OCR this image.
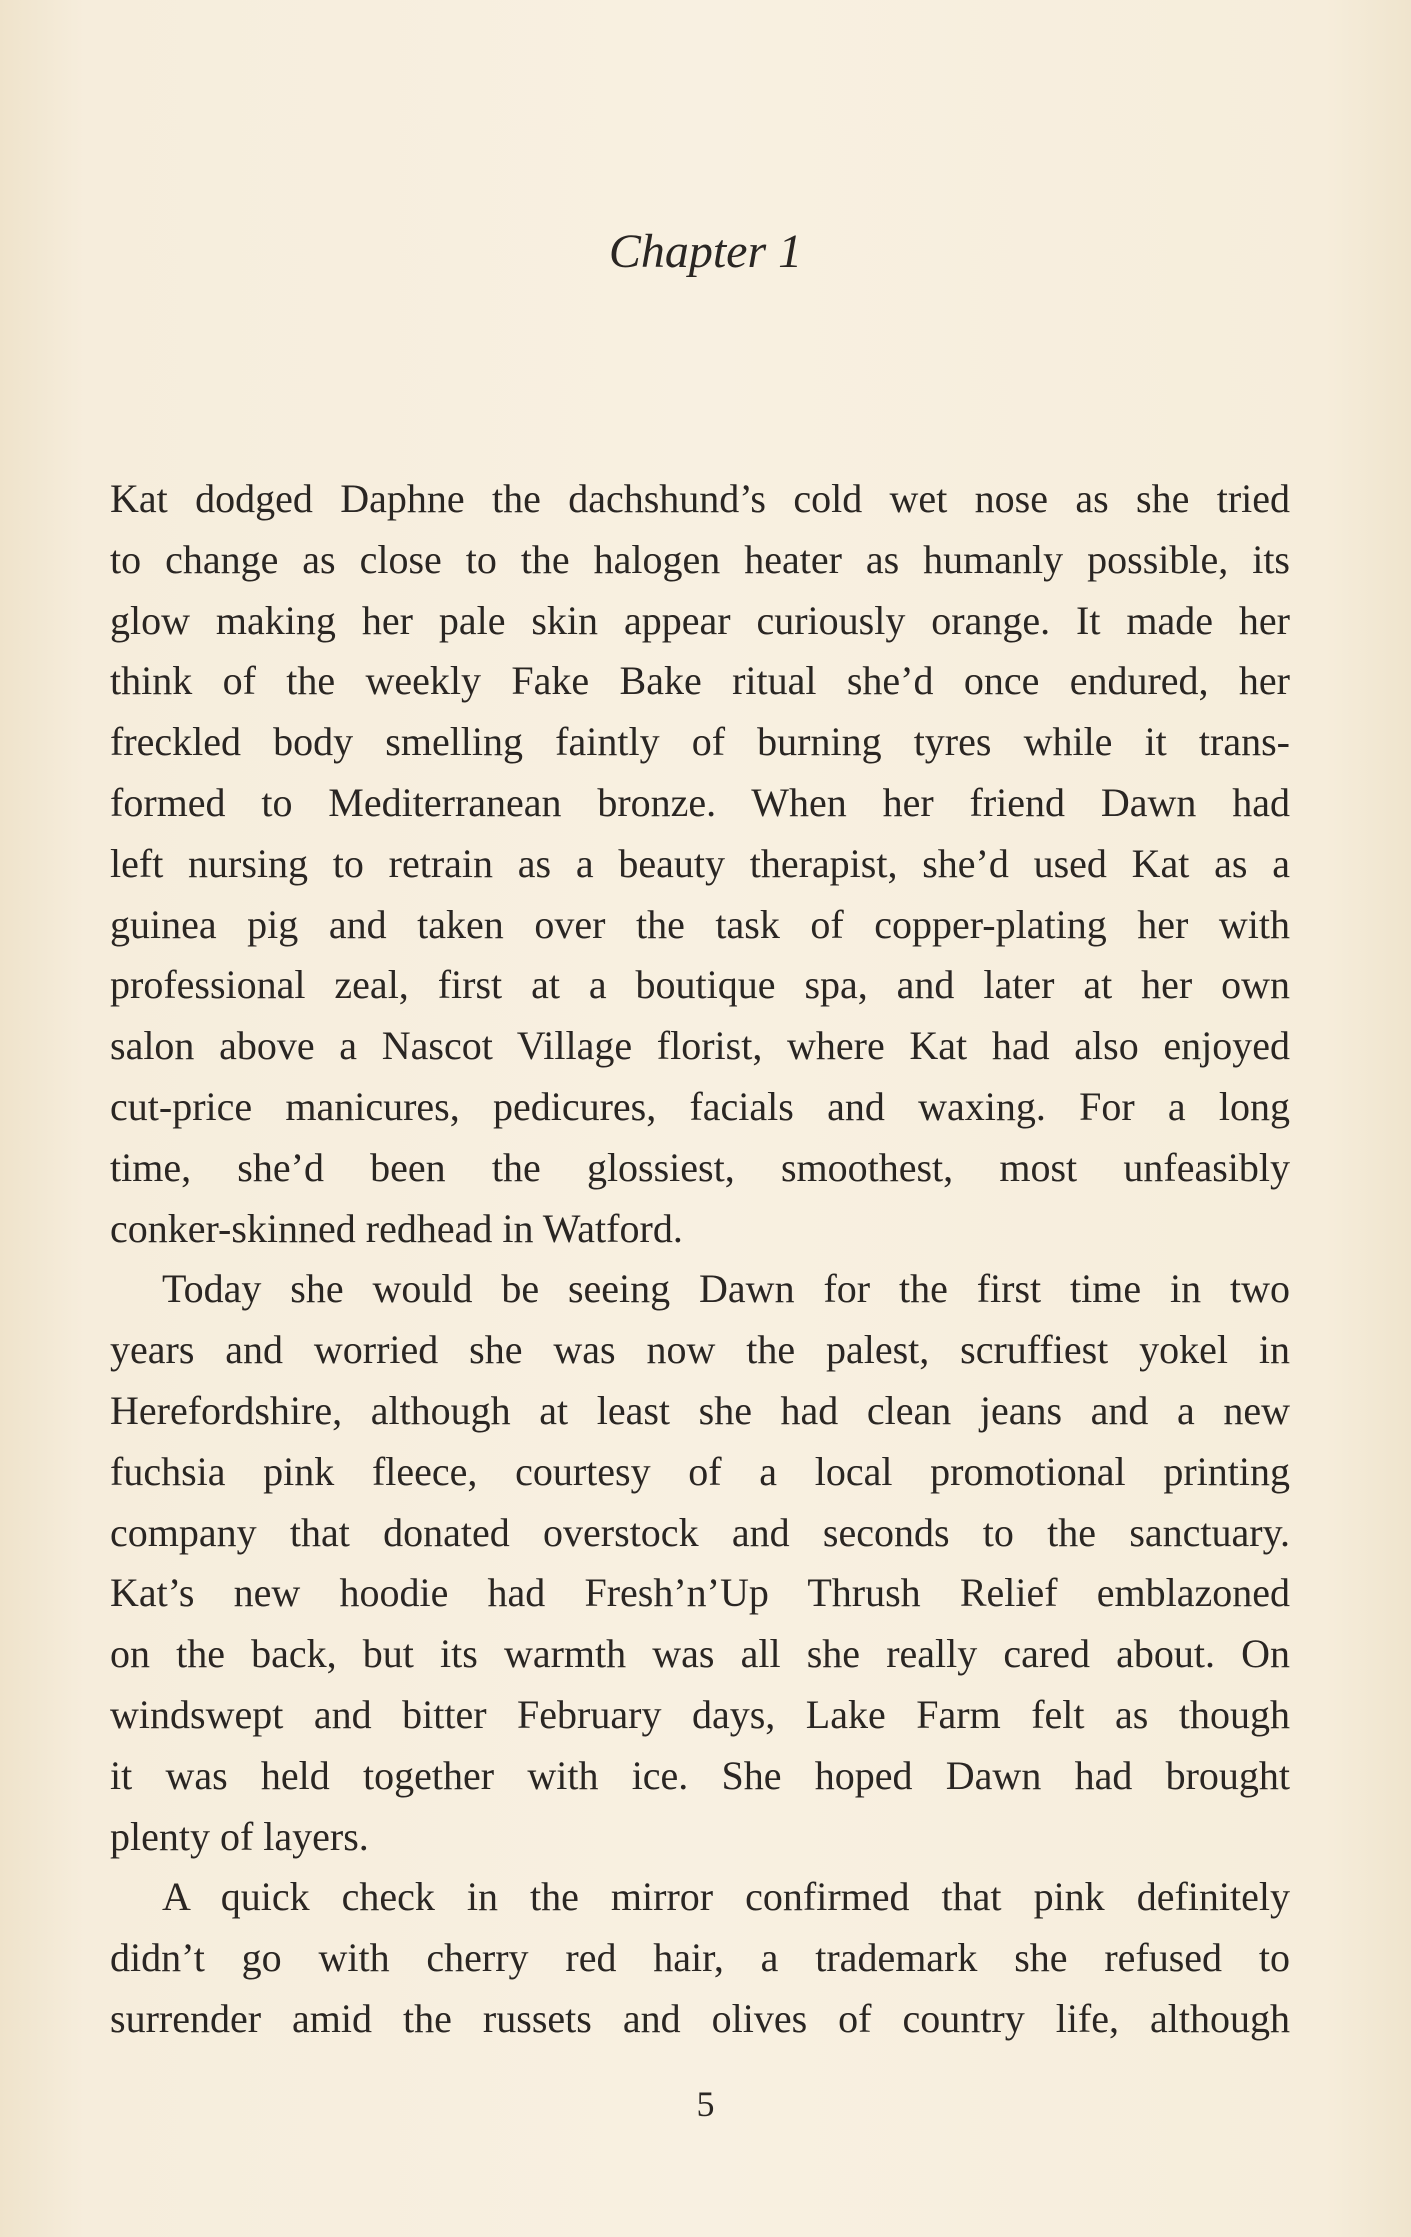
Chapter 1
Kat dodged Daphne the dachshund’s cold wet nose as she tried
to change as close to the halogen heater as humanly possible, its
glow making her pale skin appear curiously orange. It made her
think of the weekly Fake Bake ritual she’d once endured, her
freckled body smelling faintly of burning tyres while it trans-
formed to Mediterranean bronze. When her friend Dawn had
left nursing to retrain as a beauty therapist, she’d used Kat as a
guinea pig and taken over the task of copper-plating her with
professional zeal, first at a boutique spa, and later at her own
salon above a Nascot Village florist, where Kat had also enjoyed
cut-price manicures, pedicures, facials and waxing. For a long
time, she’d been the glossiest, smoothest, most unfeasibly
conker-skinned redhead in Watford.
Today she would be seeing Dawn for the first time in two
years and worried she was now the palest, scruffiest yokel in
Herefordshire, although at least she had clean jeans and a new
fuchsia pink fleece, courtesy of a local promotional printing
company that donated overstock and seconds to the sanctuary.
Kat’s new hoodie had Fresh’n’Up Thrush Relief emblazoned
on the back, but its warmth was all she really cared about. On
windswept and bitter February days, Lake Farm felt as though
it was held together with ice. She hoped Dawn had brought
plenty of layers.
A quick check in the mirror confirmed that pink definitely
didn’t go with cherry red hair, a trademark she refused to
surrender amid the russets and olives of country life, although
5
